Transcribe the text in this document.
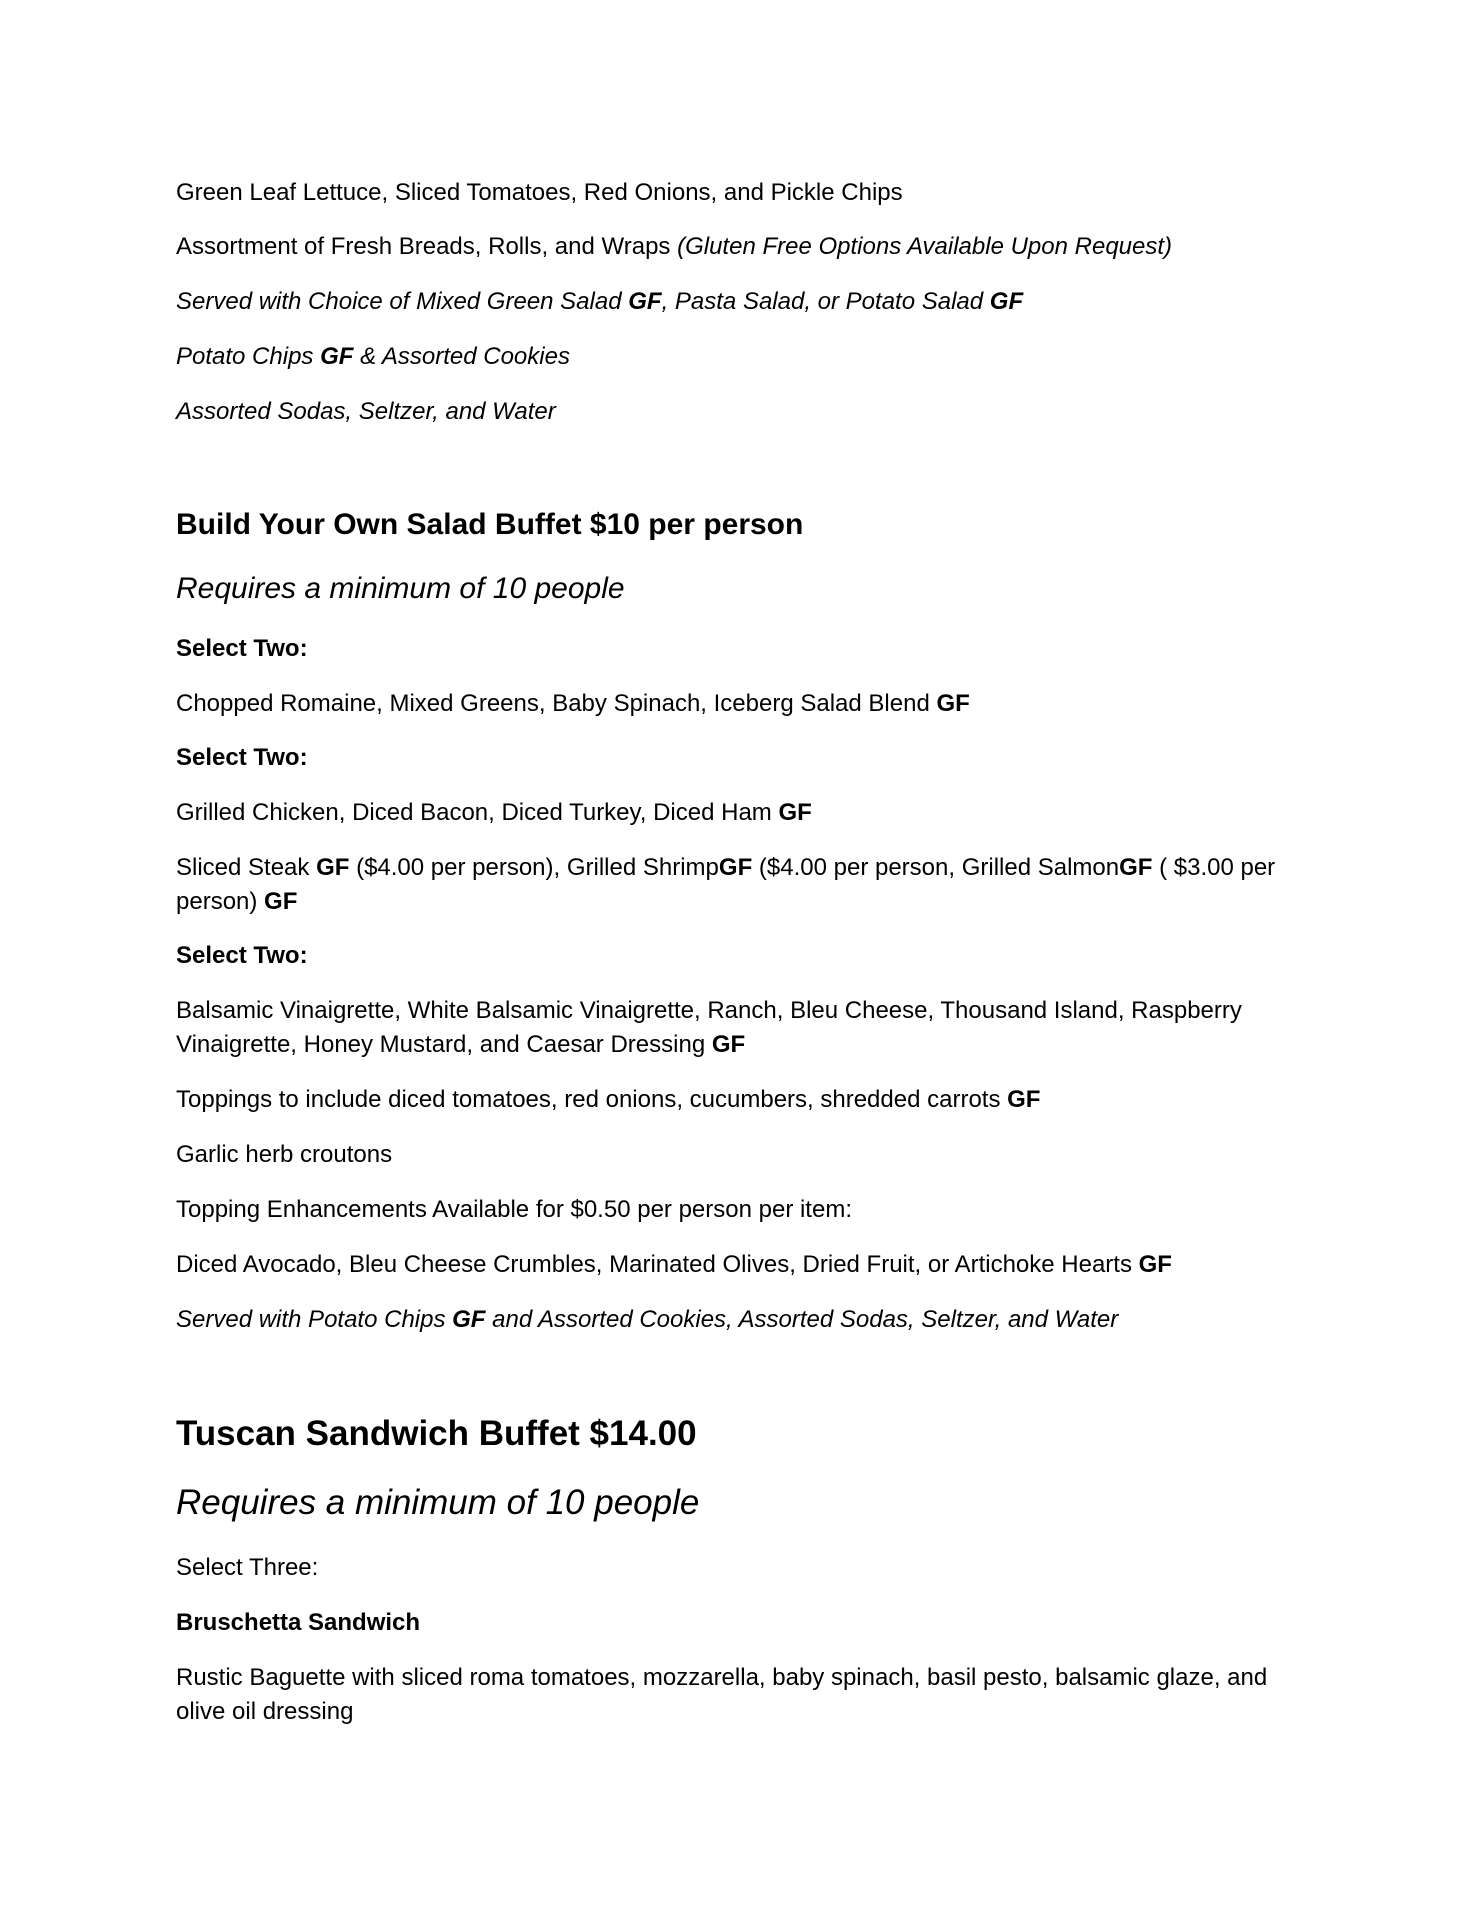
Green Leaf Lettuce, Sliced Tomatoes, Red Onions, and Pickle Chips

Assortment of Fresh Breads, Rolls, and Wraps (Gluten Free Options Available Upon Request)

Served with Choice of Mixed Green Salad GF, Pasta Salad, or Potato Salad GF

Potato Chips GF & Assorted Cookies

Assorted Sodas, Seltzer, and Water

Build Your Own Salad Buffet $10 per person

Requires a minimum of 10 people

Select Two:

Chopped Romaine, Mixed Greens, Baby Spinach, Iceberg Salad Blend GF

Select Two:

Grilled Chicken, Diced Bacon, Diced Turkey, Diced Ham GF

Sliced Steak GF ($4.00 per person), Grilled ShrimpGF ($4.00 per person, Grilled SalmonGF ( $3.00 per person) GF

Select Two:

Balsamic Vinaigrette, White Balsamic Vinaigrette, Ranch, Bleu Cheese, Thousand Island, Raspberry Vinaigrette, Honey Mustard, and Caesar Dressing GF

Toppings to include diced tomatoes, red onions, cucumbers, shredded carrots GF

Garlic herb croutons

Topping Enhancements Available for $0.50 per person per item:

Diced Avocado, Bleu Cheese Crumbles, Marinated Olives, Dried Fruit, or Artichoke Hearts GF

Served with Potato Chips GF and Assorted Cookies, Assorted Sodas, Seltzer, and Water

Tuscan Sandwich Buffet $14.00

Requires a minimum of 10 people

Select Three:

Bruschetta Sandwich

Rustic Baguette with sliced roma tomatoes, mozzarella, baby spinach, basil pesto, balsamic glaze, and olive oil dressing
